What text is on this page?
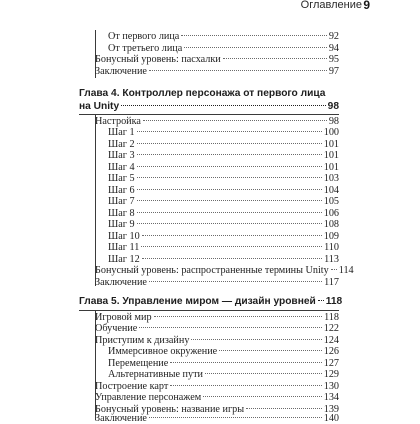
Оглавление 9
От первого лица	92
От третьего лица	94
Бонусный уровень: пасхалки	95
Заключение	97
Глава 4. Контроллер персонажа от первого лица
на Unity	98
Настройка	98
Шаг 1	100
Шаг 2	101
Шаг 3	101
Шаг 4	101
Шаг 5	103
Шаг 6	104
Шаг 7	105
Шаг 8	106
Шаг 9	108
Шаг 10	109
Шаг 11	110
Шаг 12	113
Бонусный уровень: распространенные термины Unity 114
Заключение	117
Глава 5. Управление миром — дизайн уровней 118
Игровой мир	118
Обучение	122
Приступим к дизайну	124
Иммерсивное окружение	126
Перемещение	127
Альтернативные пути	129
Построение карт	130
Управление персонажем	134
Бонусный уровень: название игры	139
Заключение	140
